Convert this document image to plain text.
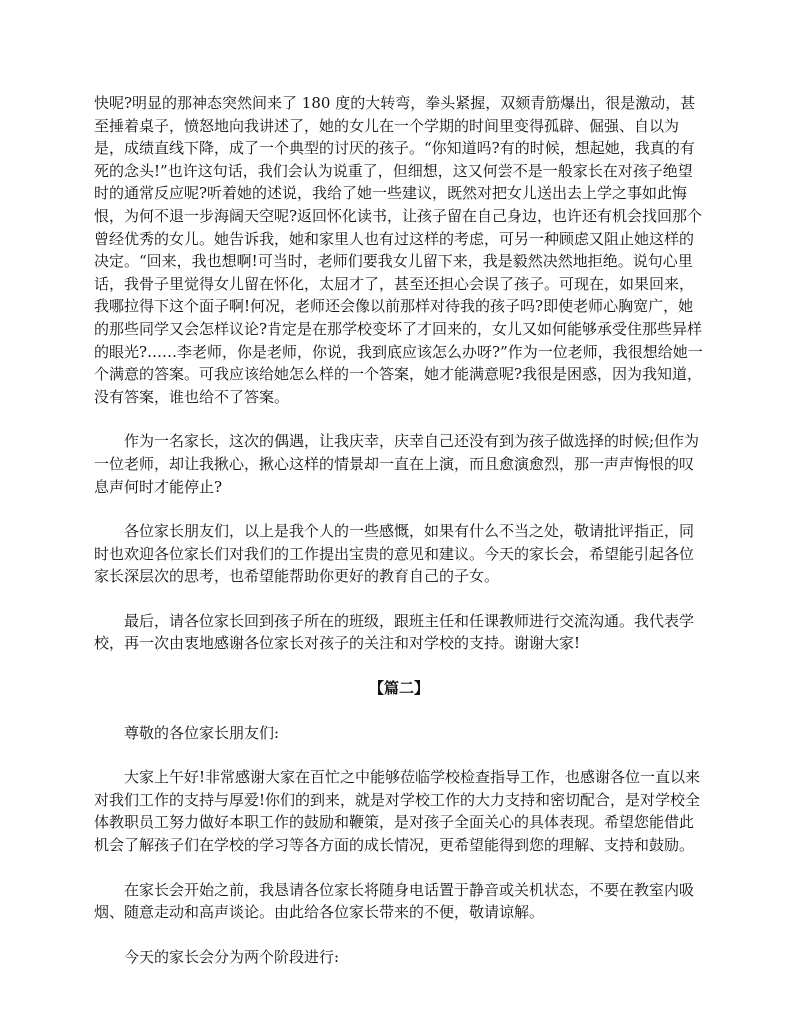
快呢?明显的那神态突然间来了 180 度的大转弯，拳头紧握，双颏青筋爆出，很是激动，甚至捶着桌子，愤怒地向我讲述了，她的女儿在一个学期的时间里变得孤辟、倔强、自以为是，成绩直线下降，成了一个典型的讨厌的孩子。“你知道吗?有的时候，想起她，我真的有死的念头!”也许这句话，我们会认为说重了，但细想，这又何尝不是一般家长在对孩子绝望时的通常反应呢?听着她的述说，我给了她一些建议，既然对把女儿送出去上学之事如此悔恨，为何不退一步海阔天空呢?返回怀化读书，让孩子留在自己身边，也许还有机会找回那个曾经优秀的女儿。她告诉我，她和家里人也有过这样的考虑，可另一种顾虑又阻止她这样的决定。“回来，我也想啊!可当时，老师们要我女儿留下来，我是毅然决然地拒绝。说句心里话，我骨子里觉得女儿留在怀化，太屈才了，甚至还担心会误了孩子。可现在，如果回来，我哪拉得下这个面子啊!何况，老师还会像以前那样对待我的孩子吗?即使老师心胸宽广，她的那些同学又会怎样议论?肯定是在那学校变坏了才回来的，女儿又如何能够承受住那些异样的眼光?……李老师，你是老师，你说，我到底应该怎么办呀?”作为一位老师，我很想给她一个满意的答案。可我应该给她怎么样的一个答案，她才能满意呢?我很是困惑，因为我知道，没有答案，谁也给不了答案。

作为一名家长，这次的偶遇，让我庆幸，庆幸自己还没有到为孩子做选择的时候;但作为一位老师，却让我揪心，揪心这样的情景却一直在上演，而且愈演愈烈，那一声声悔恨的叹息声何时才能停止?

各位家长朋友们，以上是我个人的一些感慨，如果有什么不当之处，敬请批评指正，同时也欢迎各位家长们对我们的工作提出宝贵的意见和建议。今天的家长会，希望能引起各位家长深层次的思考，也希望能帮助你更好的教育自己的子女。

最后，请各位家长回到孩子所在的班级，跟班主任和任课教师进行交流沟通。我代表学校，再一次由衷地感谢各位家长对孩子的关注和对学校的支持。谢谢大家!

【篇二】

尊敬的各位家长朋友们:

大家上午好!非常感谢大家在百忙之中能够莅临学校检查指导工作，也感谢各位一直以来对我们工作的支持与厚爱!你们的到来，就是对学校工作的大力支持和密切配合，是对学校全体教职员工努力做好本职工作的鼓励和鞭策，是对孩子全面关心的具体表现。希望您能借此机会了解孩子们在学校的学习等各方面的成长情况，更希望能得到您的理解、支持和鼓励。

在家长会开始之前，我恳请各位家长将随身电话置于静音或关机状态，不要在教室内吸烟、随意走动和高声谈论。由此给各位家长带来的不便，敬请谅解。

今天的家长会分为两个阶段进行:
